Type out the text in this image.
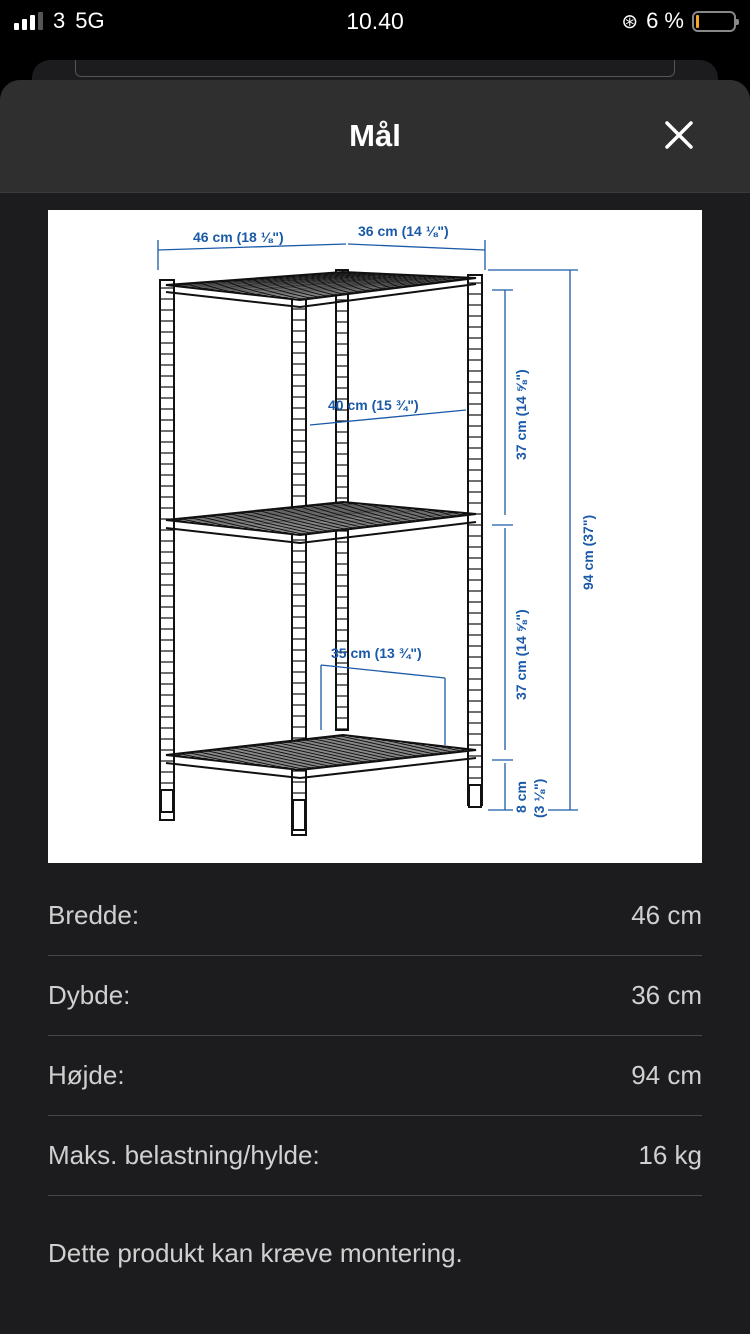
3 5G	10.40	⊛ 6 %
Mål
46 cm (18 ⅛")	36 cm (14 ⅛")
40 cm (15 ¾")
35 cm (13 ¾")
37 cm (14 ⅝")
37 cm (14 ⅝")
94 cm (37")
8 cm (3 ⅛")
Bredde:	46 cm
Dybde:	36 cm
Højde:	94 cm
Maks. belastning/hylde:	16 kg
Dette produkt kan kræve montering.
